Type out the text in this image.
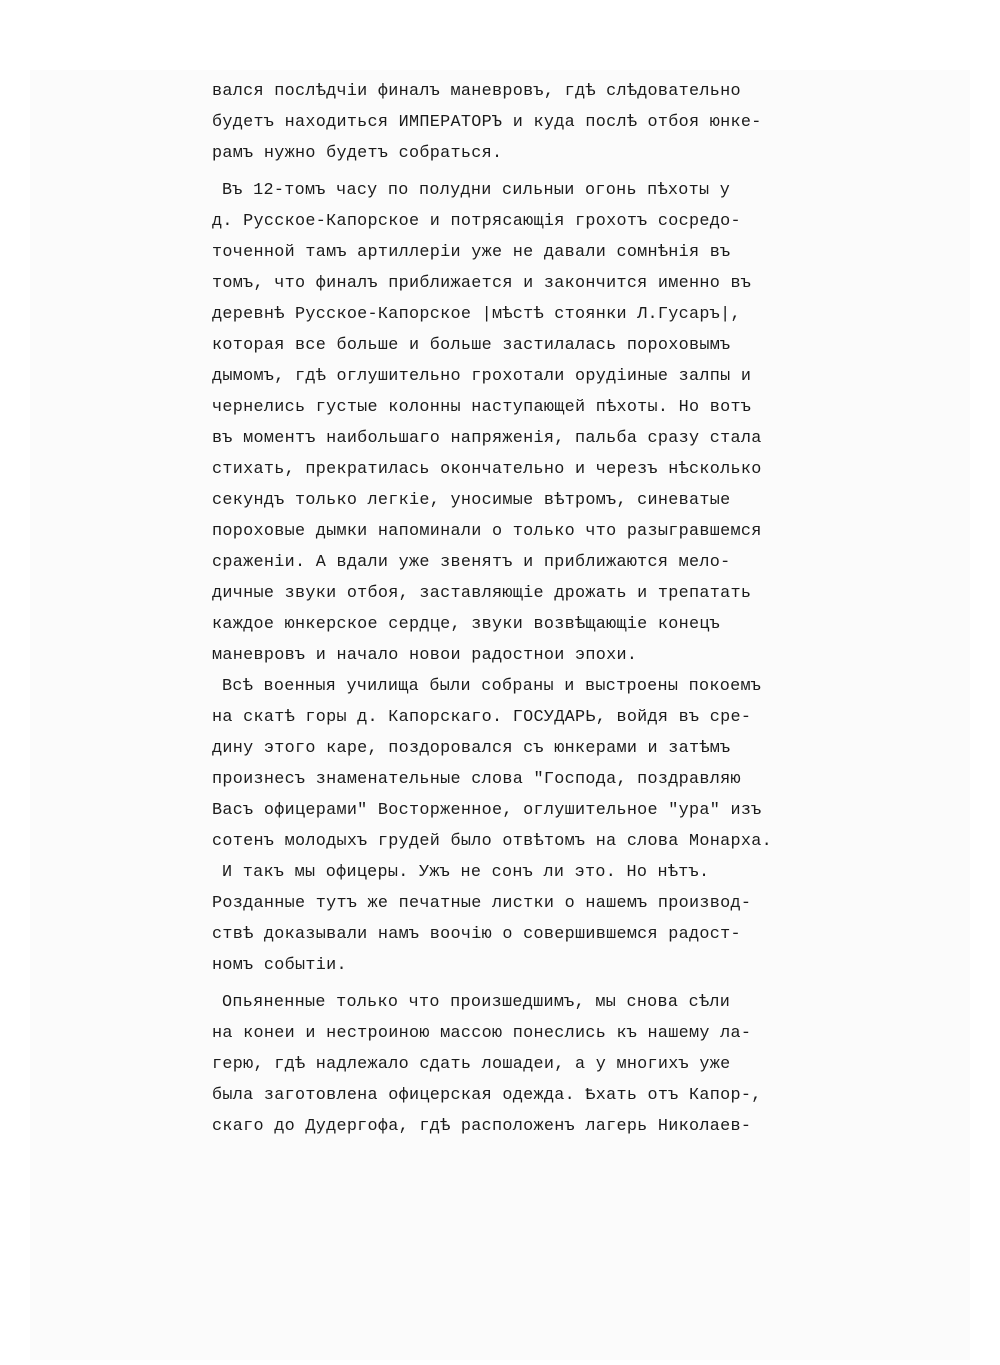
вался послѣдчiи финалъ маневровъ, гдѣ слѣдовательно
будетъ находиться ИМПЕРАТОРЪ и куда послѣ отбоя юнке-
рамъ нужно будетъ собраться.
Въ 12-томъ часу по полудни сильныи огонь пѣхоты у
д. Русское-Капорское и потрясающiя грохотъ сосредо-
точенной тамъ артиллерiи уже не давали сомнѣнiя въ
томъ, что финалъ приближается и закончится именно въ
деревнѣ Русское-Капорское |мѣстѣ стоянки Л.Гусаръ|,
которая все больше и больше застилалась пороховымъ
дымомъ, гдѣ оглушительно грохотали орудiиные залпы и
чернелись густые колонны наступающей пѣхоты. Но вотъ
въ моментъ наибольшаго напряженiя, пальба сразу стала
стихать, прекратилась окончательно и черезъ нѣсколько
секундъ только легкiе, уносимые вѣтромъ, синеватые
пороховые дымки напоминали о только что разыгравшемся
сраженiи. А вдали уже звенятъ и приближаются мело-
дичные звуки отбоя, заставляющiе дрожать и трепатать
каждое юнкерское сердце, звуки возвѣщающiе конецъ
маневровъ и начало новои радостнои эпохи.
Всѣ военныя училища были собраны и выстроены покоемъ
на скатѣ горы д. Капорскаго. ГОСУДАРЬ, войдя въ сре-
дину этого каре, поздоровался съ юнкерами и затѣмъ
произнесъ знаменательные слова "Господа, поздравляю
Васъ офицерами" Восторженное, оглушительное "ура" изъ
сотенъ молодыхъ грудей было отвѣтомъ на слова Монарха.
И такъ мы офицеры. Ужъ не сонъ ли это. Но нѣтъ.
Розданные тутъ же печатные листки о нашемъ производ-
ствѣ доказывали намъ воочiю о совершившемся радост-
номъ событiи.
Опьяненные только что произшедшимъ, мы снова сѣли
на конеи и нестроиною массою понеслись къ нашему ла-
герю, гдѣ надлежало сдать лошадеи, а у многихъ уже
была заготовлена офицерская одежда. Ѣхать отъ Капор-,
скаго до Дудергофа, гдѣ расположенъ лагерь Николаев-
